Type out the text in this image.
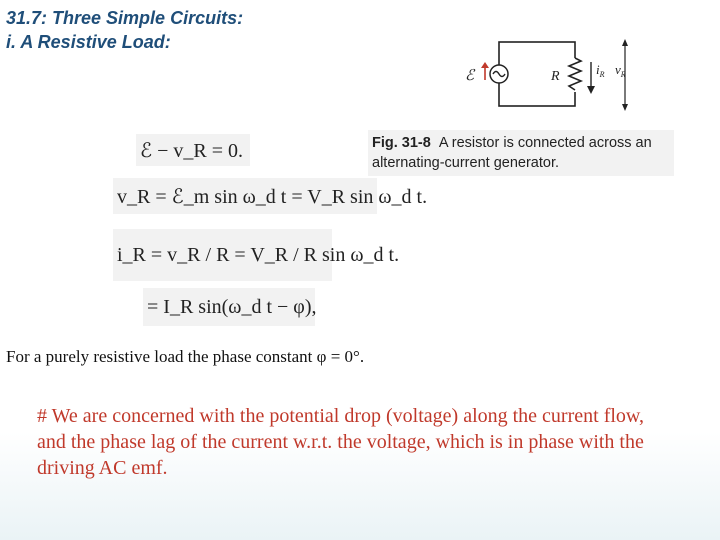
31.7: Three Simple Circuits:
i. A Resistive Load:
ℰ	R	$i_R$ $v_R$
Fig. 31-8 A resistor is connected across an
alternating-current generator.
ℰ − v_R = 0.
v_R = ℰ_m sin ω_d t = V_R sin ω_d t.
i_R = v_R / R = V_R / R sin ω_d t.
= I_R sin(ω_d t − φ),
For a purely resistive load the phase constant φ = 0°.
# We are concerned with the potential drop (voltage) along the current flow, and the phase lag of the current w.r.t. the voltage, which is in phase with the driving AC emf.
